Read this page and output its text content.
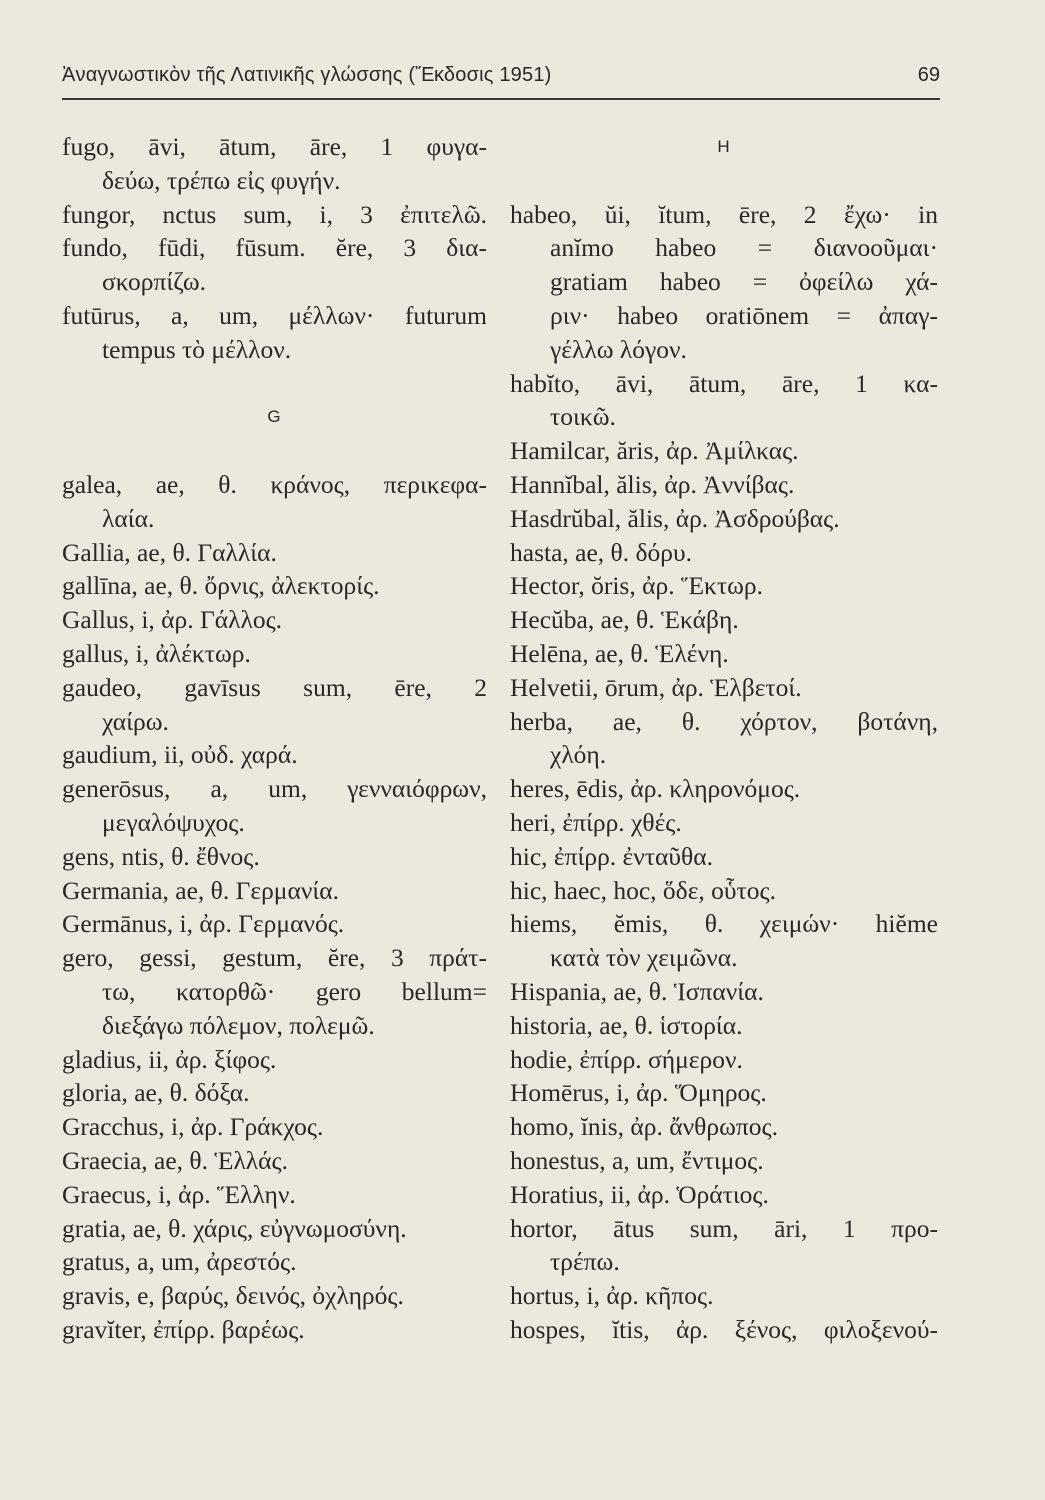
Ἀναγνωστικὸν τῆς Λατινικῆς γλώσσης (Ἔκδοσις 1951)	69
fugo, āvi, ātum, āre, 1 φυγα-
δεύω, τρέπω εἰς φυγήν.
fungor, nctus sum, i, 3 ἐπιτελῶ.
fundo, fūdi, fūsum. ĕre, 3 δια-
σκορπίζω.
futūrus, a, um, μέλλων· futurum
tempus τὸ μέλλον.
G
galea, ae, θ. κράνος, περικεφα-
λαία.
Gallia, ae, θ. Γαλλία.
gallīna, ae, θ. ὄρνις, ἀλεκτορίς.
Gallus, i, ἀρ. Γάλλος.
gallus, i, ἀλέκτωρ.
gaudeo, gavīsus sum, ēre, 2
χαίρω.
gaudium, ii, οὐδ. χαρά.
generōsus, a, um, γενναιόφρων,
μεγαλόψυχος.
gens, ntis, θ. ἔθνος.
Germania, ae, θ. Γερμανία.
Germānus, i, ἀρ. Γερμανός.
gero, gessi, gestum, ĕre, 3 πράτ-
τω, κατορθῶ· gero bellum=
διεξάγω πόλεμον, πολεμῶ.
gladius, ii, ἀρ. ξίφος.
gloria, ae, θ. δόξα.
Gracchus, i, ἀρ. Γράκχος.
Graecia, ae, θ. Ἑλλάς.
Graecus, i, ἀρ. Ἕλλην.
gratia, ae, θ. χάρις, εὐγνωμοσύνη.
gratus, a, um, ἀρεστός.
gravis, e, βαρύς, δεινός, ὀχληρός.
gravĭter, ἐπίρρ. βαρέως.
H
habeo, ŭi, ĭtum, ēre, 2 ἔχω· in
anĭmo habeo = διανοοῦμαι·
gratiam habeo = ὀφείλω χά-
ριν· habeo oratiōnem = ἀπαγ-
γέλλω λόγον.
habĭto, āvi, ātum, āre, 1 κα-
τοικῶ.
Hamilcar, ăris, ἀρ. Ἀμίλκας.
Hannĭbal, ălis, ἀρ. Ἀννίβας.
Hasdrŭbal, ălis, ἀρ. Ἀσδρούβας.
hasta, ae, θ. δόρυ.
Hector, ŏris, ἀρ. Ἕκτωρ.
Hecŭba, ae, θ. Ἑκάβη.
Helēna, ae, θ. Ἑλένη.
Helvetii, ōrum, ἀρ. Ἑλβετοί.
herba, ae, θ. χόρτον, βοτάνη,
χλόη.
heres, ēdis, ἀρ. κληρονόμος.
heri, ἐπίρρ. χθές.
hic, ἐπίρρ. ἐνταῦθα.
hic, haec, hoc, ὅδε, οὗτος.
hiems, ĕmis, θ. χειμών· hiĕme
κατὰ τὸν χειμῶνα.
Hispania, ae, θ. Ἱσπανία.
historia, ae, θ. ἱστορία.
hodie, ἐπίρρ. σήμερον.
Homērus, i, ἀρ. Ὅμηρος.
homo, ĭnis, ἀρ. ἄνθρωπος.
honestus, a, um, ἔντιμος.
Horatius, ii, ἀρ. Ὁράτιος.
hortor, ātus sum, āri, 1 προ-
τρέπω.
hortus, i, ἀρ. κῆπος.
hospes, ĭtis, ἀρ. ξένος, φιλοξενού-
